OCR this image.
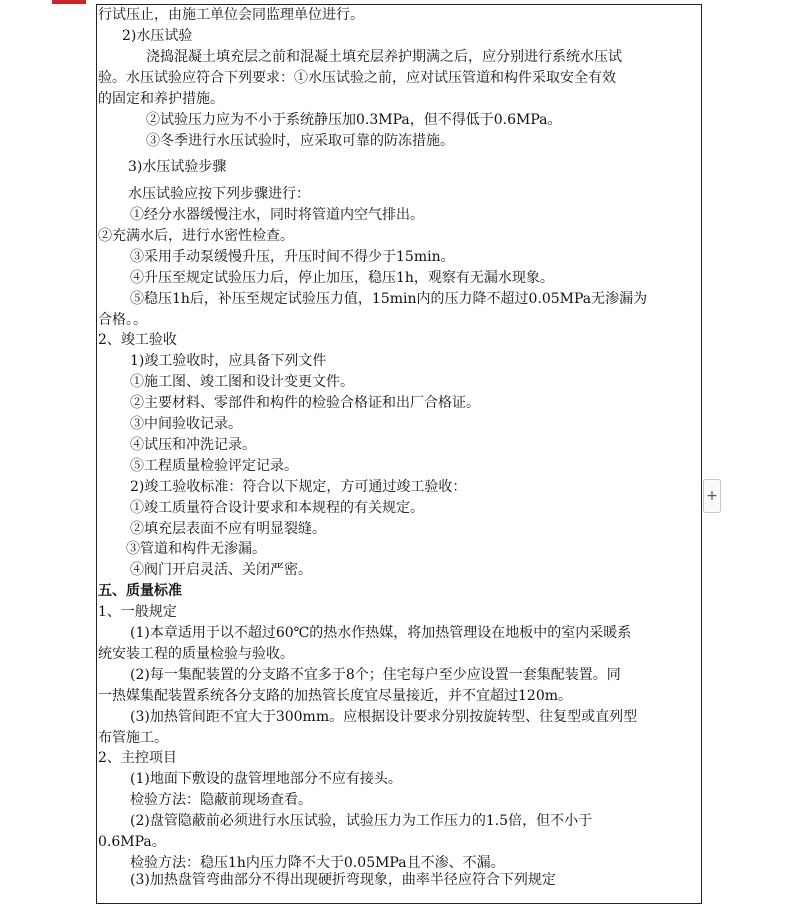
行试压止，由施工单位会同监理单位进行。
2)水压试验
浇捣混凝土填充层之前和混凝土填充层养护期满之后，应分别进行系统水压试
验。水压试验应符合下列要求：①水压试验之前，应对试压管道和构件采取安全有效
的固定和养护措施。
②试验压力应为不小于系统静压加0.3MPa，但不得低于0.6MPa。
③冬季进行水压试验时，应采取可靠的防冻措施。
3)水压试验步骤
水压试验应按下列步骤进行：
①经分水器缓慢注水，同时将管道内空气排出。
②充满水后，进行水密性检查。
③采用手动泵缓慢升压，升压时间不得少于15min。
④升压至规定试验压力后，停止加压，稳压1h，观察有无漏水现象。
⑤稳压1h后，补压至规定试验压力值，15min内的压力降不超过0.05MPa无渗漏为
合格。。
2、竣工验收
1)竣工验收时，应具备下列文件
①施工图、竣工图和设计变更文件。
②主要材料、零部件和构件的检验合格证和出厂合格证。
③中间验收记录。
④试压和冲洗记录。
⑤工程质量检验评定记录。
2)竣工验收标准：符合以下规定，方可通过竣工验收：
①竣工质量符合设计要求和本规程的有关规定。
②填充层表面不应有明显裂缝。
③管道和构件无渗漏。
④阀门开启灵活、关闭严密。
五、质量标准
1、一般规定
(1)本章适用于以不超过60℃的热水作热媒，将加热管理设在地板中的室内采暖系
统安装工程的质量检验与验收。
(2)每一集配装置的分支路不宜多于8个；住宅每户至少应设置一套集配装置。同
一热媒集配装置系统各分支路的加热管长度宜尽量接近，并不宜超过120m。
(3)加热管间距不宜大于300mm。应根据设计要求分别按旋转型、往复型或直列型
布管施工。
2、主控项目
(1)地面下敷设的盘管埋地部分不应有接头。
检验方法：隐蔽前现场查看。
(2)盘管隐蔽前必须进行水压试验，试验压力为工作压力的1.5倍，但不小于
0.6MPa。
检验方法：稳压1h内压力降不大于0.05MPa且不渗、不漏。
(3)加热盘管弯曲部分不得出现硬折弯现象，曲率半径应符合下列规定
+
